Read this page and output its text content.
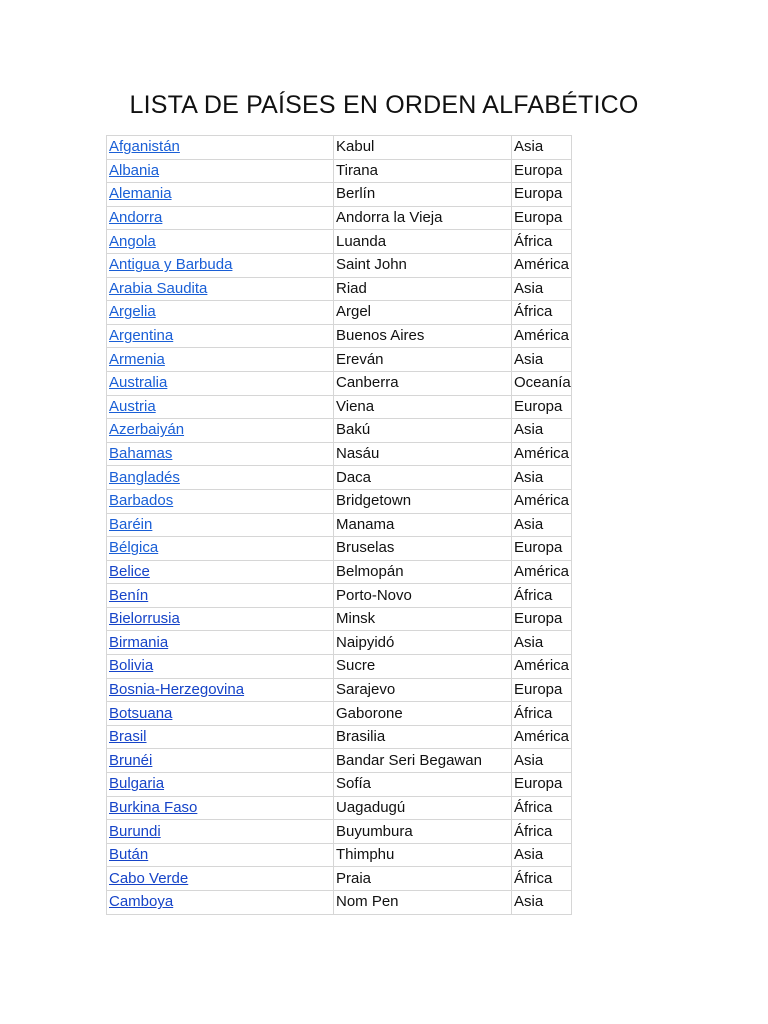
LISTA DE PAÍSES EN ORDEN ALFABÉTICO
Afganistán	Kabul	Asia
Albania	Tirana	Europa
Alemania	Berlín	Europa
Andorra	Andorra la Vieja	Europa
Angola	Luanda	África
Antigua y Barbuda	Saint John	América
Arabia Saudita	Riad	Asia
Argelia	Argel	África
Argentina	Buenos Aires	América
Armenia	Ereván	Asia
Australia	Canberra	Oceanía
Austria	Viena	Europa
Azerbaiyán	Bakú	Asia
Bahamas	Nasáu	América
Bangladés	Daca	Asia
Barbados	Bridgetown	América
Baréin	Manama	Asia
Bélgica	Bruselas	Europa
Belice	Belmopán	América
Benín	Porto-Novo	África
Bielorrusia	Minsk	Europa
Birmania	Naipyidó	Asia
Bolivia	Sucre	América
Bosnia-Herzegovina	Sarajevo	Europa
Botsuana	Gaborone	África
Brasil	Brasilia	América
Brunéi	Bandar Seri Begawan	Asia
Bulgaria	Sofía	Europa
Burkina Faso	Uagadugú	África
Burundi	Buyumbura	África
Bután	Thimphu	Asia
Cabo Verde	Praia	África
Camboya	Nom Pen	Asia
